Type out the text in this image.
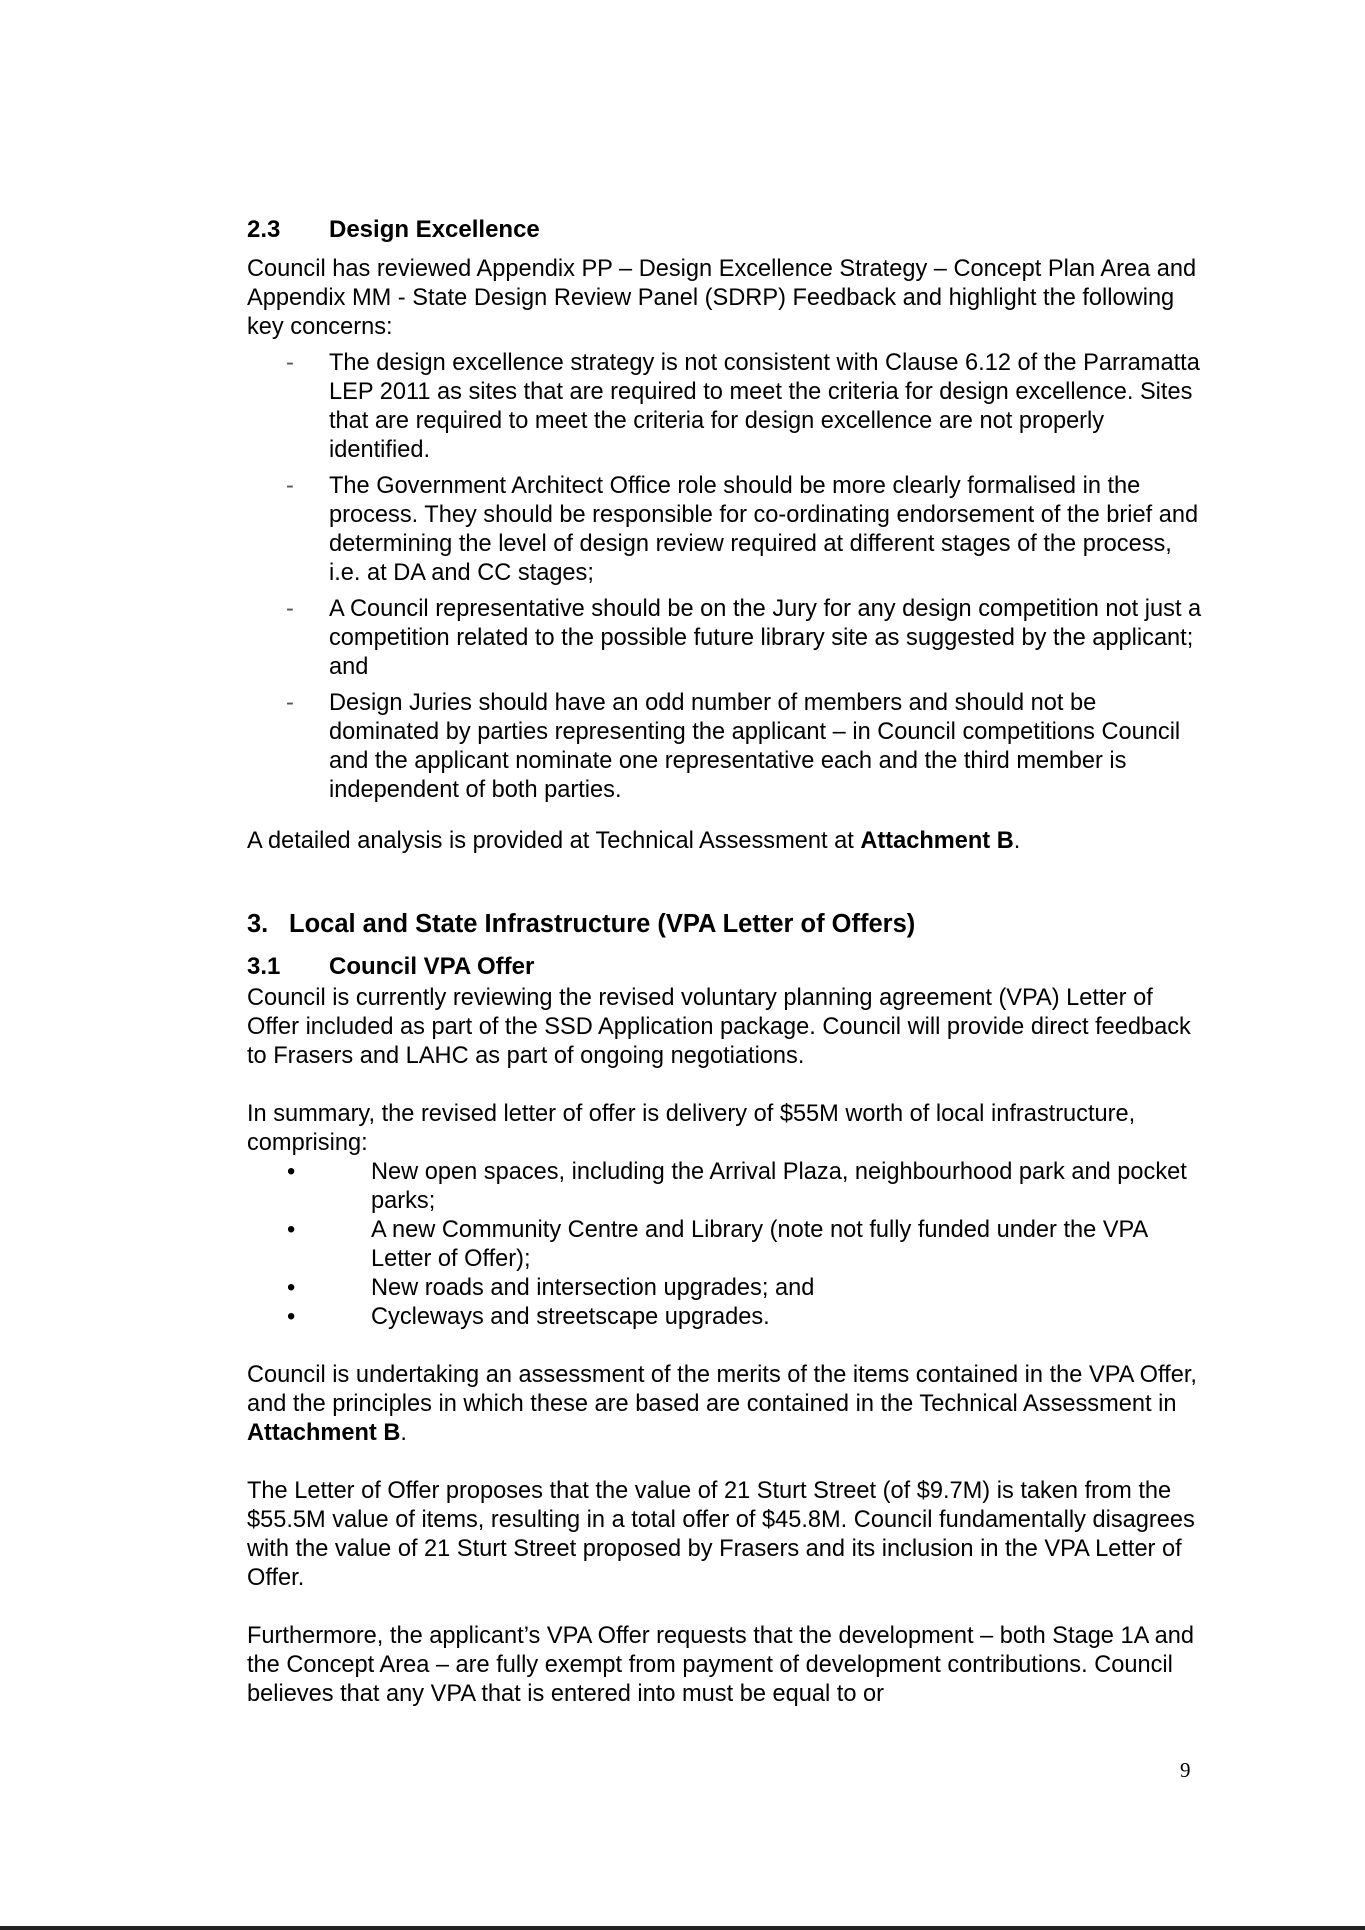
2.3	Design Excellence

Council has reviewed Appendix PP – Design Excellence Strategy – Concept Plan Area and Appendix MM - State Design Review Panel (SDRP) Feedback and highlight the following key concerns:

- The design excellence strategy is not consistent with Clause 6.12 of the Parramatta LEP 2011 as sites that are required to meet the criteria for design excellence. Sites that are required to meet the criteria for design excellence are not properly identified.
- The Government Architect Office role should be more clearly formalised in the process. They should be responsible for co-ordinating endorsement of the brief and determining the level of design review required at different stages of the process, i.e. at DA and CC stages;
- A Council representative should be on the Jury for any design competition not just a competition related to the possible future library site as suggested by the applicant; and
- Design Juries should have an odd number of members and should not be dominated by parties representing the applicant – in Council competitions Council and the applicant nominate one representative each and the third member is independent of both parties.

A detailed analysis is provided at Technical Assessment at Attachment B.

3. Local and State Infrastructure (VPA Letter of Offers)
3.1	Council VPA Offer

Council is currently reviewing the revised voluntary planning agreement (VPA) Letter of Offer included as part of the SSD Application package. Council will provide direct feedback to Frasers and LAHC as part of ongoing negotiations.

In summary, the revised letter of offer is delivery of $55M worth of local infrastructure, comprising:

•	New open spaces, including the Arrival Plaza, neighbourhood park and pocket parks;
•	A new Community Centre and Library (note not fully funded under the VPA Letter of Offer);
•	New roads and intersection upgrades; and
•	Cycleways and streetscape upgrades.

Council is undertaking an assessment of the merits of the items contained in the VPA Offer, and the principles in which these are based are contained in the Technical Assessment in Attachment B.

The Letter of Offer proposes that the value of 21 Sturt Street (of $9.7M) is taken from the $55.5M value of items, resulting in a total offer of $45.8M. Council fundamentally disagrees with the value of 21 Sturt Street proposed by Frasers and its inclusion in the VPA Letter of Offer.

Furthermore, the applicant’s VPA Offer requests that the development – both Stage 1A and the Concept Area – are fully exempt from payment of development contributions. Council believes that any VPA that is entered into must be equal to or

9
